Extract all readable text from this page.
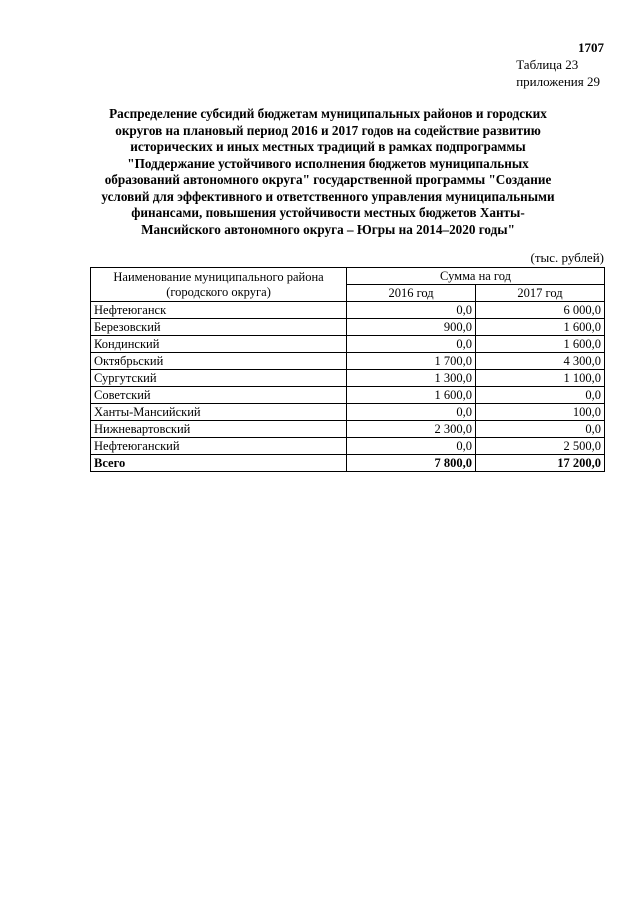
1707
Таблица 23
приложения 29
Распределение субсидий бюджетам муниципальных районов и городских
округов на плановый период 2016 и 2017 годов на содействие развитию
исторических и иных местных традиций в рамках подпрограммы
"Поддержание устойчивого исполнения бюджетов муниципальных
образований автономного округа" государственной программы "Создание
условий для эффективного и ответственного управления муниципальными
финансами, повышения устойчивости местных бюджетов Ханты-
Мансийского автономного округа – Югры на 2014–2020 годы"
(тыс. рублей)
Наименование муниципального района
(городского округа)	Сумма на год	
	2016 год	2017 год
Нефтеюганск	0,0	6 000,0
Березовский	900,0	1 600,0
Кондинский	0,0	1 600,0
Октябрьский	1 700,0	4 300,0
Сургутский	1 300,0	1 100,0
Советский	1 600,0	0,0
Ханты-Мансийский	0,0	100,0
Нижневартовский	2 300,0	0,0
Нефтеюганский	0,0	2 500,0
Всего	7 800,0	17 200,0
